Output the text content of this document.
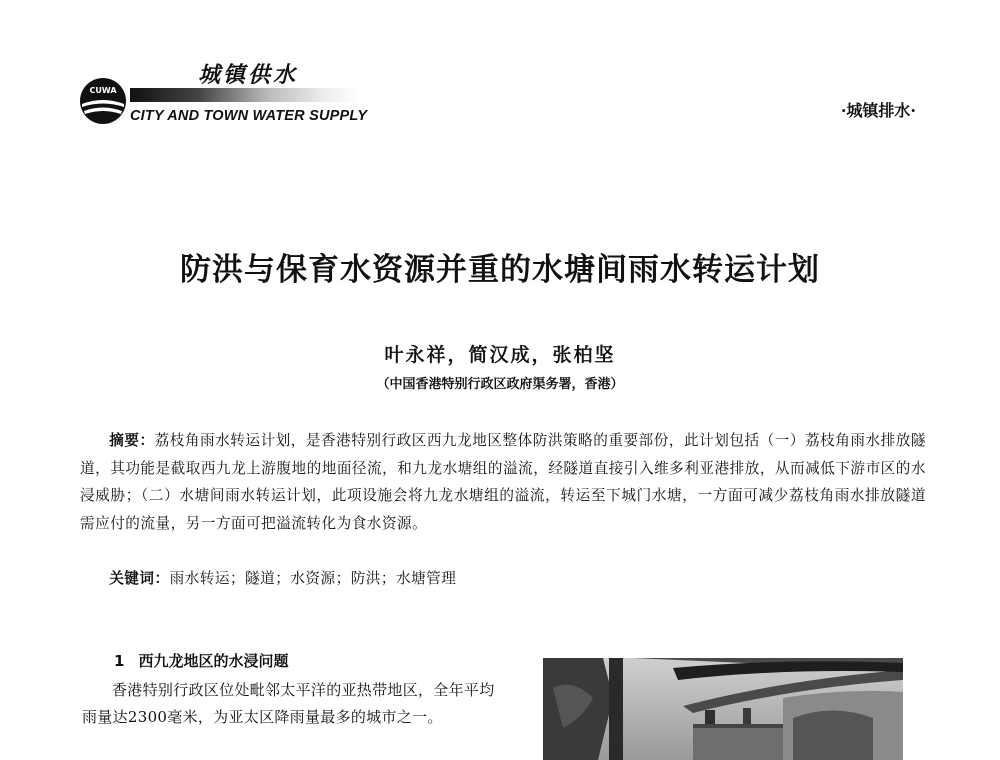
CUWA
城镇供水
CITY AND TOWN WATER SUPPLY	·城镇排水·
防洪与保育水资源并重的水塘间雨水转运计划
叶永祥，简汉成，张柏坚
（中国香港特别行政区政府渠务署，香港）
摘要：荔枝角雨水转运计划，是香港特别行政区西九龙地区整体防洪策略的重要部份，此计划包括（一）荔枝角雨水排放隧道，其功能是截取西九龙上游腹地的地面径流，和九龙水塘组的溢流，经隧道直接引入维多利亚港排放，从而减低下游市区的水浸威胁；（二）水塘间雨水转运计划，此项设施会将九龙水塘组的溢流，转运至下城门水塘，一方面可减少荔枝角雨水排放隧道需应付的流量，另一方面可把溢流转化为食水资源。
关键词：雨水转运；隧道；水资源；防洪；水塘管理
1 西九龙地区的水浸问题
香港特别行政区位处毗邻太平洋的亚热带地区，全年平均雨量达2300毫米，为亚太区降雨量最多的城市之一。
